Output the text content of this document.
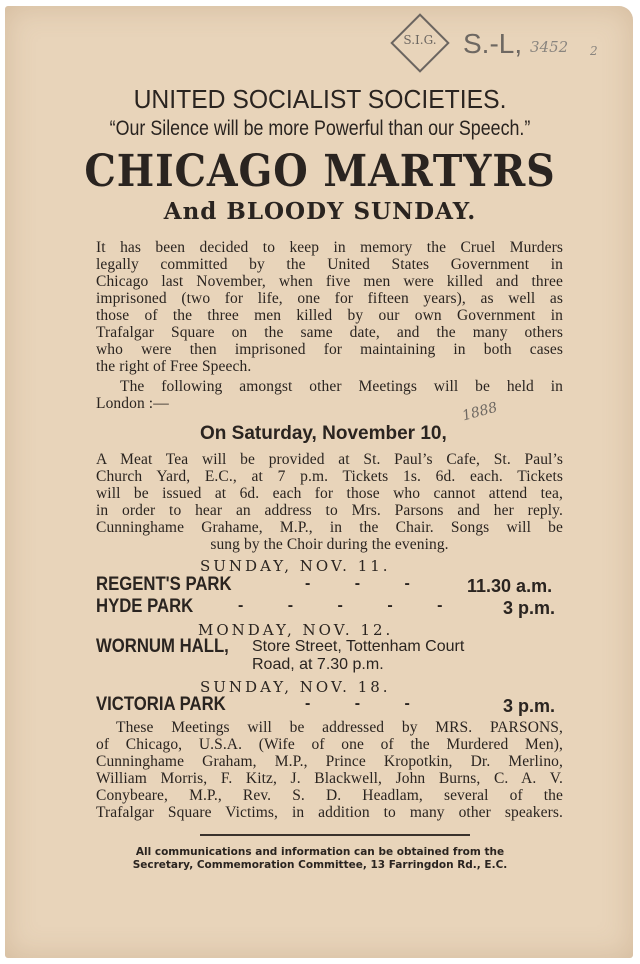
S.I.G. S.-L, 3452 2
UNITED SOCIALIST SOCIETIES.
“Our Silence will be more Powerful than our Speech.”
CHICAGO MARTYRS
And BLOODY SUNDAY.
It has been decided to keep in memory the Cruel Murders
legally committed by the United States Government in
Chicago last November, when five men were killed and three
imprisoned (two for life, one for fifteen years), as well as
those of the three men killed by our own Government in
Trafalgar Square on the same date, and the many others
who were then imprisoned for maintaining in both cases
the right of Free Speech.
The following amongst other Meetings will be held in
London :—	1888
On Saturday, November 10,
A Meat Tea will be provided at St. Paul’s Cafe, St. Paul’s
Church Yard, E.C., at 7 p.m. Tickets 1s. 6d. each. Tickets
will be issued at 6d. each for those who cannot attend tea,
in order to hear an address to Mrs. Parsons and her reply.
Cunninghame Grahame, M.P., in the Chair. Songs will be
sung by the Choir during the evening.
SUNDAY, NOV. 11.
REGENT'S PARK	- - -	11.30 a.m.
HYDE PARK	- - - - -	3 p.m.
MONDAY, NOV. 12.
WORNUM HALL, Store Street, Tottenham Court
Road, at 7.30 p.m.
SUNDAY, NOV. 18.
VICTORIA PARK	- - -	3 p.m.
These Meetings will be addressed by MRS. PARSONS,
of Chicago, U.S.A. (Wife of one of the Murdered Men),
Cunninghame Graham, M.P., Prince Kropotkin, Dr. Merlino,
William Morris, F. Kitz, J. Blackwell, John Burns, C. A. V.
Conybeare, M.P., Rev. S. D. Headlam, several of the
Trafalgar Square Victims, in addition to many other speakers.
All communications and information can be obtained from the
Secretary, Commemoration Committee, 13 Farringdon Rd., E.C.
